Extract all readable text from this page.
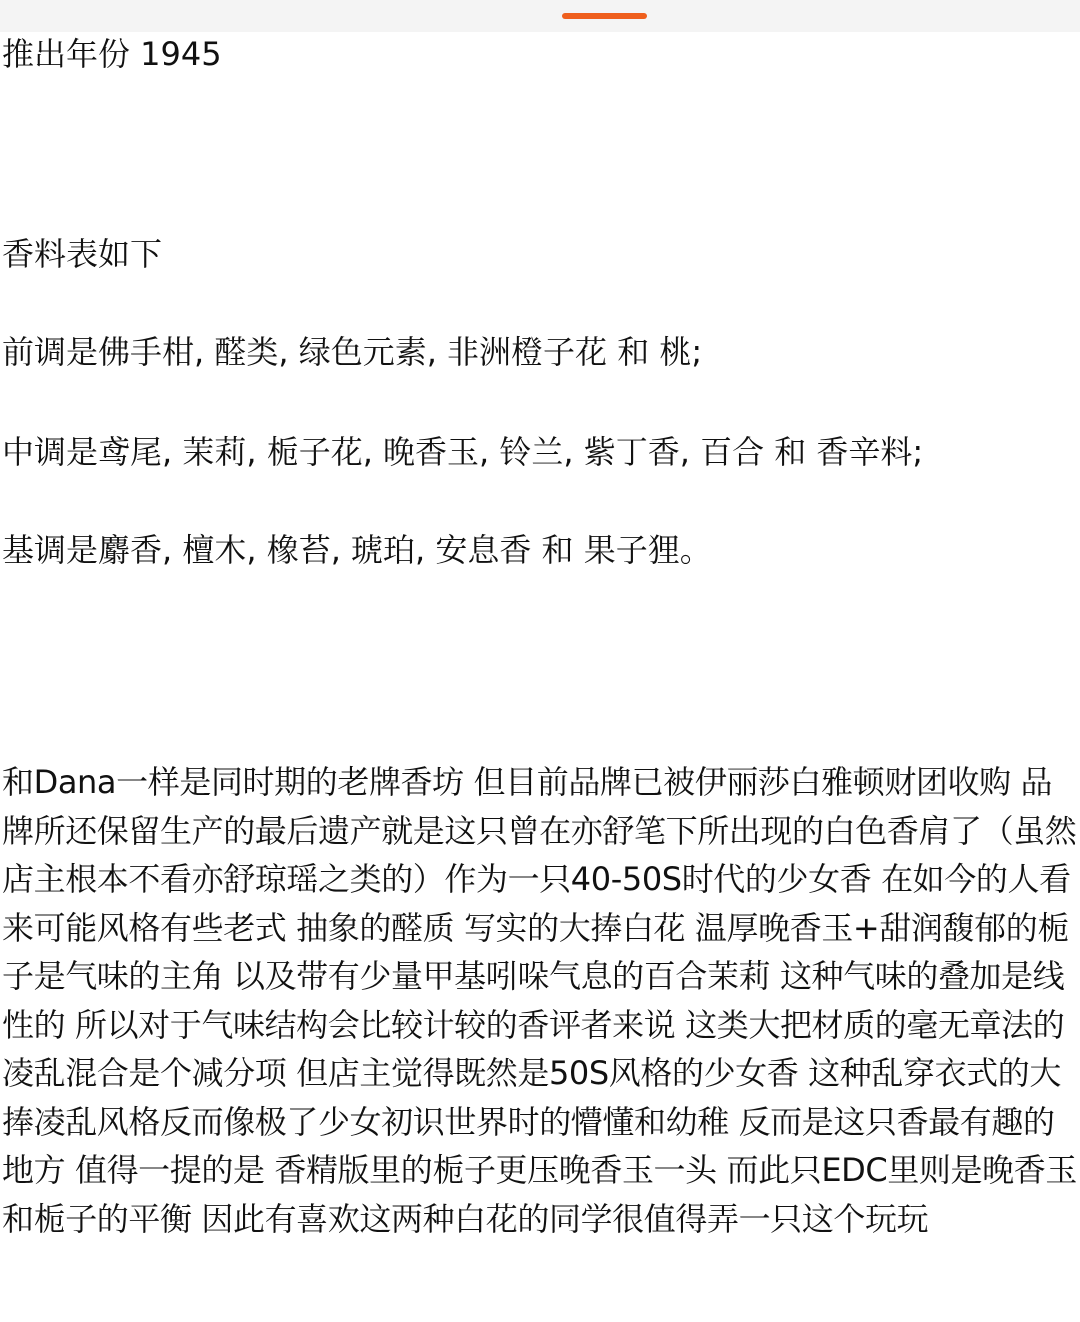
推出年份 1945

香料表如下

前调是佛手柑, 醛类, 绿色元素, 非洲橙子花 和 桃;

中调是鸢尾, 茉莉, 栀子花, 晚香玉, 铃兰, 紫丁香, 百合 和 香辛料;

基调是麝香, 檀木, 橡苔, 琥珀, 安息香 和 果子狸。

和Dana一样是同时期的老牌香坊 但目前品牌已被伊丽莎白雅顿财团收购 品牌所还保留生产的最后遗产就是这只曾在亦舒笔下所出现的白色香肩了（虽然店主根本不看亦舒琼瑶之类的）作为一只40-50S时代的少女香 在如今的人看来可能风格有些老式 抽象的醛质 写实的大捧白花 温厚晚香玉+甜润馥郁的栀子是气味的主角 以及带有少量甲基吲哚气息的百合茉莉 这种气味的叠加是线性的 所以对于气味结构会比较计较的香评者来说 这类大把材质的毫无章法的凌乱混合是个减分项 但店主觉得既然是50S风格的少女香 这种乱穿衣式的大捧凌乱风格反而像极了少女初识世界时的懵懂和幼稚 反而是这只香最有趣的地方 值得一提的是 香精版里的栀子更压晚香玉一头 而此只EDC里则是晚香玉和栀子的平衡 因此有喜欢这两种白花的同学很值得弄一只这个玩玩
